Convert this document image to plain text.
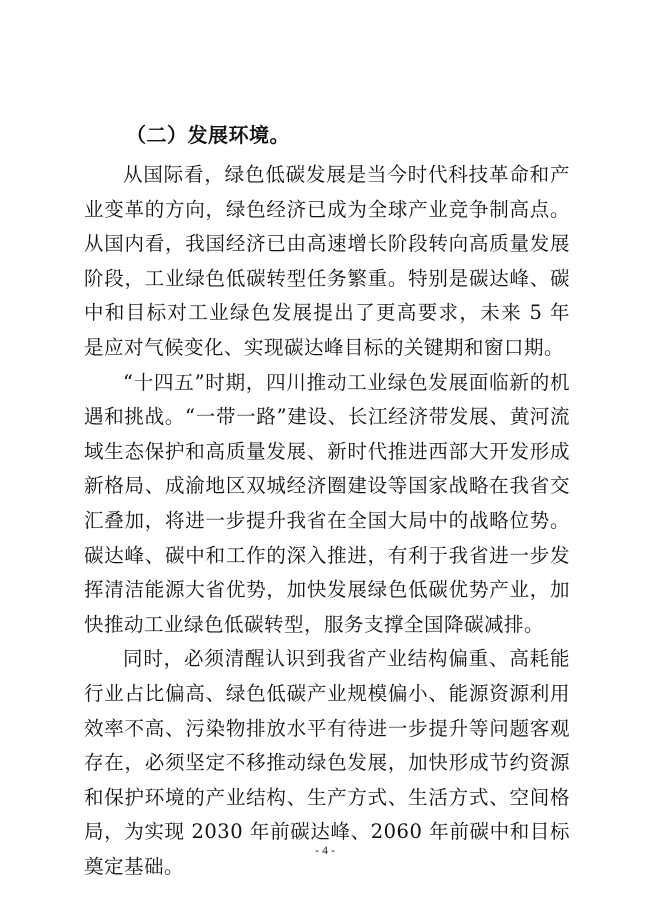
（二）发展环境。

从国际看，绿色低碳发展是当今时代科技革命和产业变革的方向，绿色经济已成为全球产业竞争制高点。从国内看，我国经济已由高速增长阶段转向高质量发展阶段，工业绿色低碳转型任务繁重。特别是碳达峰、碳中和目标对工业绿色发展提出了更高要求，未来 5 年是应对气候变化、实现碳达峰目标的关键期和窗口期。

“十四五”时期，四川推动工业绿色发展面临新的机遇和挑战。“一带一路”建设、长江经济带发展、黄河流域生态保护和高质量发展、新时代推进西部大开发形成新格局、成渝地区双城经济圈建设等国家战略在我省交汇叠加，将进一步提升我省在全国大局中的战略位势。碳达峰、碳中和工作的深入推进，有利于我省进一步发挥清洁能源大省优势，加快发展绿色低碳优势产业，加快推动工业绿色低碳转型，服务支撑全国降碳减排。

同时，必须清醒认识到我省产业结构偏重、高耗能行业占比偏高、绿色低碳产业规模偏小、能源资源利用效率不高、污染物排放水平有待进一步提升等问题客观存在，必须坚定不移推动绿色发展，加快形成节约资源和保护环境的产业结构、生产方式、生活方式、空间格局，为实现 2030 年前碳达峰、2060 年前碳中和目标奠定基础。

- 4 -
